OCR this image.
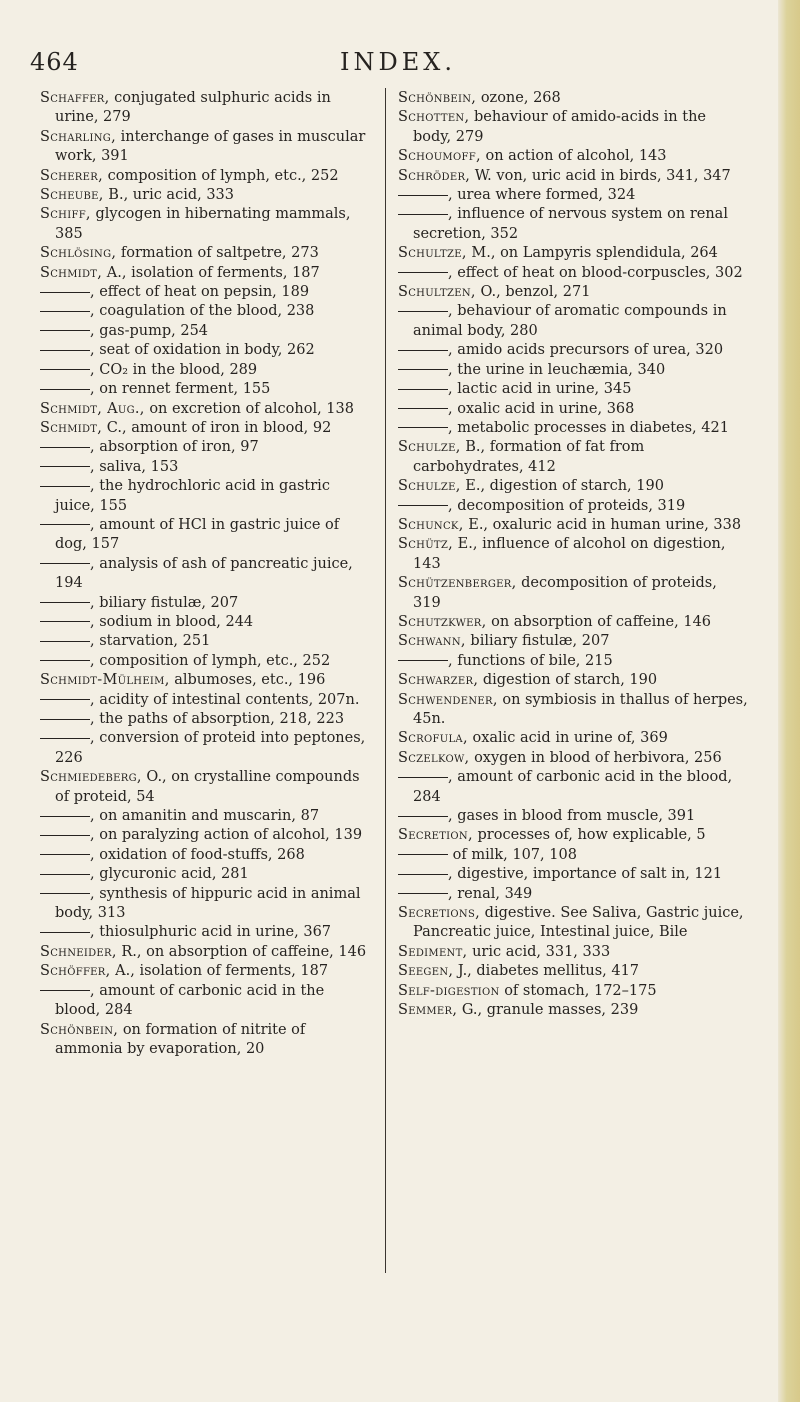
464	INDEX.
Schaffer, conjugated sulphuric acids in urine, 279
Scharling, interchange of gases in muscular work, 391
Scherer, composition of lymph, etc., 252
Scheube, B., uric acid, 333
Schiff, glycogen in hibernating mammals, 385
Schlösing, formation of saltpetre, 273
Schmidt, A., isolation of ferments, 187
, effect of heat on pepsin, 189
, coagulation of the blood, 238
, gas-pump, 254
, seat of oxidation in body, 262
, CO₂ in the blood, 289
, on rennet ferment, 155
Schmidt, Aug., on excretion of alcohol, 138
Schmidt, C., amount of iron in blood, 92
, absorption of iron, 97
, saliva, 153
, the hydrochloric acid in gastric juice, 155
, amount of HCl in gastric juice of dog, 157
, analysis of ash of pancreatic juice, 194
, biliary fistulæ, 207
, sodium in blood, 244
, starvation, 251
, composition of lymph, etc., 252
Schmidt-Mülheim, albumoses, etc., 196
, acidity of intestinal contents, 207n.
, the paths of absorption, 218, 223
, conversion of proteid into peptones, 226
Schmiedeberg, O., on crystalline compounds of proteid, 54
, on amanitin and muscarin, 87
, on paralyzing action of alcohol, 139
, oxidation of food-stuffs, 268
, glycuronic acid, 281
, synthesis of hippuric acid in animal body, 313
, thiosulphuric acid in urine, 367
Schneider, R., on absorption of caffeine, 146
Schöffer, A., isolation of ferments, 187
, amount of carbonic acid in the blood, 284
Schönbein, on formation of nitrite of ammonia by evaporation, 20
Schönbein, ozone, 268
Schotten, behaviour of amido-acids in the body, 279
Schoumoff, on action of alcohol, 143
Schröder, W. von, uric acid in birds, 341, 347
, urea where formed, 324
, influence of nervous system on renal secretion, 352
Schultze, M., on Lampyris splendidula, 264
, effect of heat on blood-corpuscles, 302
Schultzen, O., benzol, 271
, behaviour of aromatic compounds in animal body, 280
, amido acids precursors of urea, 320
, the urine in leuchæmia, 340
, lactic acid in urine, 345
, oxalic acid in urine, 368
, metabolic processes in diabetes, 421
Schulze, B., formation of fat from carbohydrates, 412
Schulze, E., digestion of starch, 190
, decomposition of proteids, 319
Schunck, E., oxaluric acid in human urine, 338
Schütz, E., influence of alcohol on digestion, 143
Schützenberger, decomposition of proteids, 319
Schutzkwer, on absorption of caffeine, 146
Schwann, biliary fistulæ, 207
, functions of bile, 215
Schwarzer, digestion of starch, 190
Schwendener, on symbiosis in thallus of herpes, 45n.
Scrofula, oxalic acid in urine of, 369
Sczelkow, oxygen in blood of herbivora, 256
, amount of carbonic acid in the blood, 284
, gases in blood from muscle, 391
Secretion, processes of, how explicable, 5
of milk, 107, 108
, digestive, importance of salt in, 121
, renal, 349
Secretions, digestive. See Saliva, Gastric juice, Pancreatic juice, Intestinal juice, Bile
Sediment, uric acid, 331, 333
Seegen, J., diabetes mellitus, 417
Self-digestion of stomach, 172–175
Semmer, G., granule masses, 239
